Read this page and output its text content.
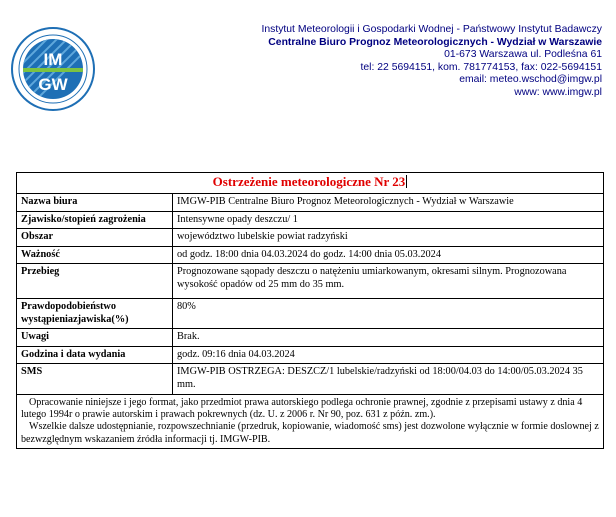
IM
GW
Instytut Meteorologii i Gospodarki Wodnej - Państwowy Instytut Badawczy
Centralne Biuro Prognoz Meteorologicznych - Wydział w Warszawie
01-673 Warszawa ul. Podleśna 61
tel: 22 5694151, kom. 781774153, fax: 022-5694151
email: meteo.wschod@imgw.pl
www: www.imgw.pl
Ostrzeżenie meteorologiczne Nr 23	
Nazwa biura	IMGW-PIB Centralne Biuro Prognoz Meteorologicznych - Wydział w Warszawie
Zjawisko/stopień zagrożenia	Intensywne opady deszczu/ 1
Obszar	województwo lubelskie powiat radzyński
Ważność	od godz. 18:00 dnia 04.03.2024 do godz. 14:00 dnia 05.03.2024
Przebieg	Prognozowane sąopady deszczu o natężeniu umiarkowanym, okresami silnym. Prognozowana wysokość opadów od 25 mm do 35 mm.
Prawdopodobieństwo wystąpieniazjawiska(%)	80%
Uwagi	Brak.
Godzina i data wydania	godz. 09:16 dnia 04.03.2024
SMS	IMGW-PIB OSTRZEGA: DESZCZ/1 lubelskie/radzyński od 18:00/04.03 do 14:00/05.03.2024 35 mm.

Opracowanie niniejsze i jego format, jako przedmiot prawa autorskiego podlega ochronie prawnej, zgodnie z przepisami ustawy z dnia 4 lutego 1994r o prawie autorskim i prawach pokrewnych (dz. U. z 2006 r. Nr 90, poz. 631 z późn. zm.).

Wszelkie dalsze udostępnianie, rozpowszechnianie (przedruk, kopiowanie, wiadomość sms) jest dozwolone wyłącznie w formie doslownej z bezwzględnym wskazaniem źródła informacji tj. IMGW-PIB.	
